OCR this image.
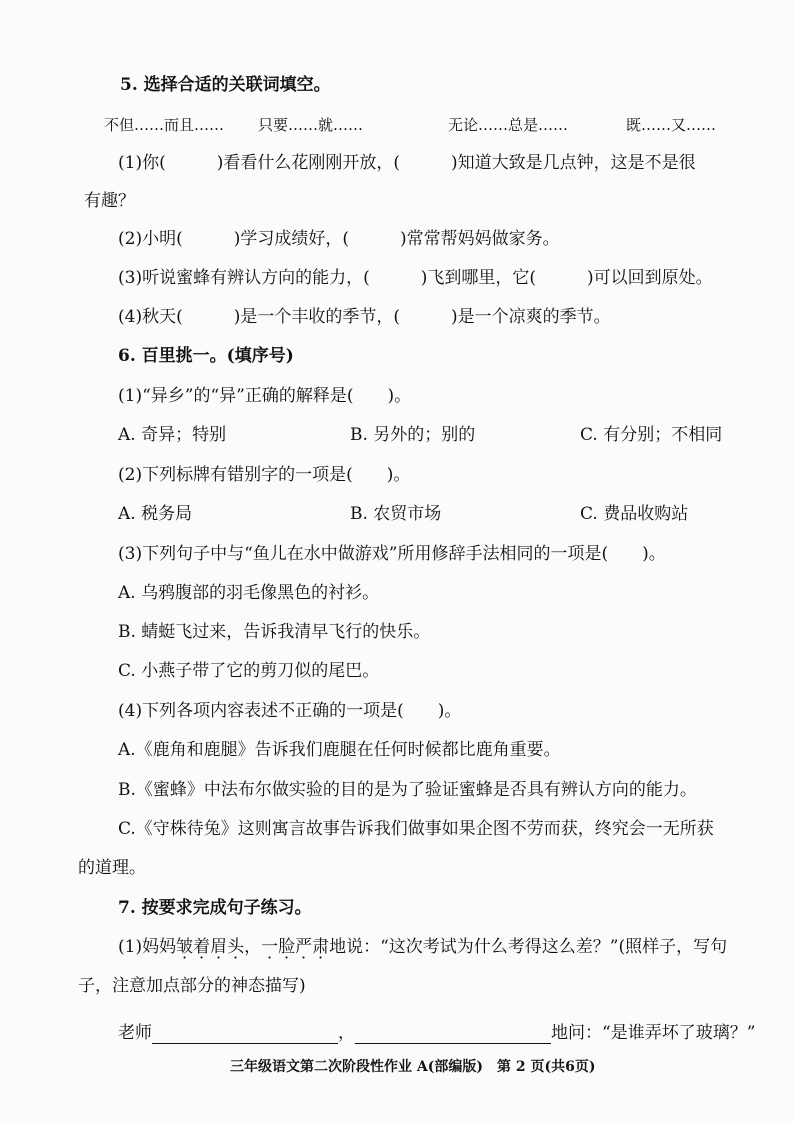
5. 选择合适的关联词填空。
不但……而且…… 只要……就……	无论……总是……	既……又……
(1)你(　　　)看看什么花刚刚开放，(　　　)知道大致是几点钟，这是不是很
有趣？
(2)小明(　　　)学习成绩好，(　　　)常常帮妈妈做家务。
(3)听说蜜蜂有辨认方向的能力，(　　　)飞到哪里，它(　　　)可以回到原处。
(4)秋天(　　　)是一个丰收的季节，(　　　)是一个凉爽的季节。
6. 百里挑一。(填序号)
(1)“异乡”的“异”正确的解释是(　　)。
A. 奇异；特别	B. 另外的；别的	C. 有分别；不相同
(2)下列标牌有错别字的一项是(　　)。
A. 税务局	B. 农贸市场	C. 费品收购站
(3)下列句子中与“鱼儿在水中做游戏”所用修辞手法相同的一项是(　　)。
A. 乌鸦腹部的羽毛像黑色的衬衫。
B. 蜻蜓飞过来，告诉我清早飞行的快乐。
C. 小燕子带了它的剪刀似的尾巴。
(4)下列各项内容表述不正确的一项是(　　)。
A.《鹿角和鹿腿》告诉我们鹿腿在任何时候都比鹿角重要。
B.《蜜蜂》中法布尔做实验的目的是为了验证蜜蜂是否具有辨认方向的能力。
C.《守株待兔》这则寓言故事告诉我们做事如果企图不劳而获，终究会一无所获
的道理。
7. 按要求完成句子练习。
(1)妈妈皱着眉头，一脸严肃地说：“这次考试为什么考得这么差？”(照样子，写句
子，注意加点部分的神态描写)
老师	，	地问：“是谁弄坏了玻璃？”
三年级语文第二次阶段性作业 A(部编版)　第 2 页(共6页)
